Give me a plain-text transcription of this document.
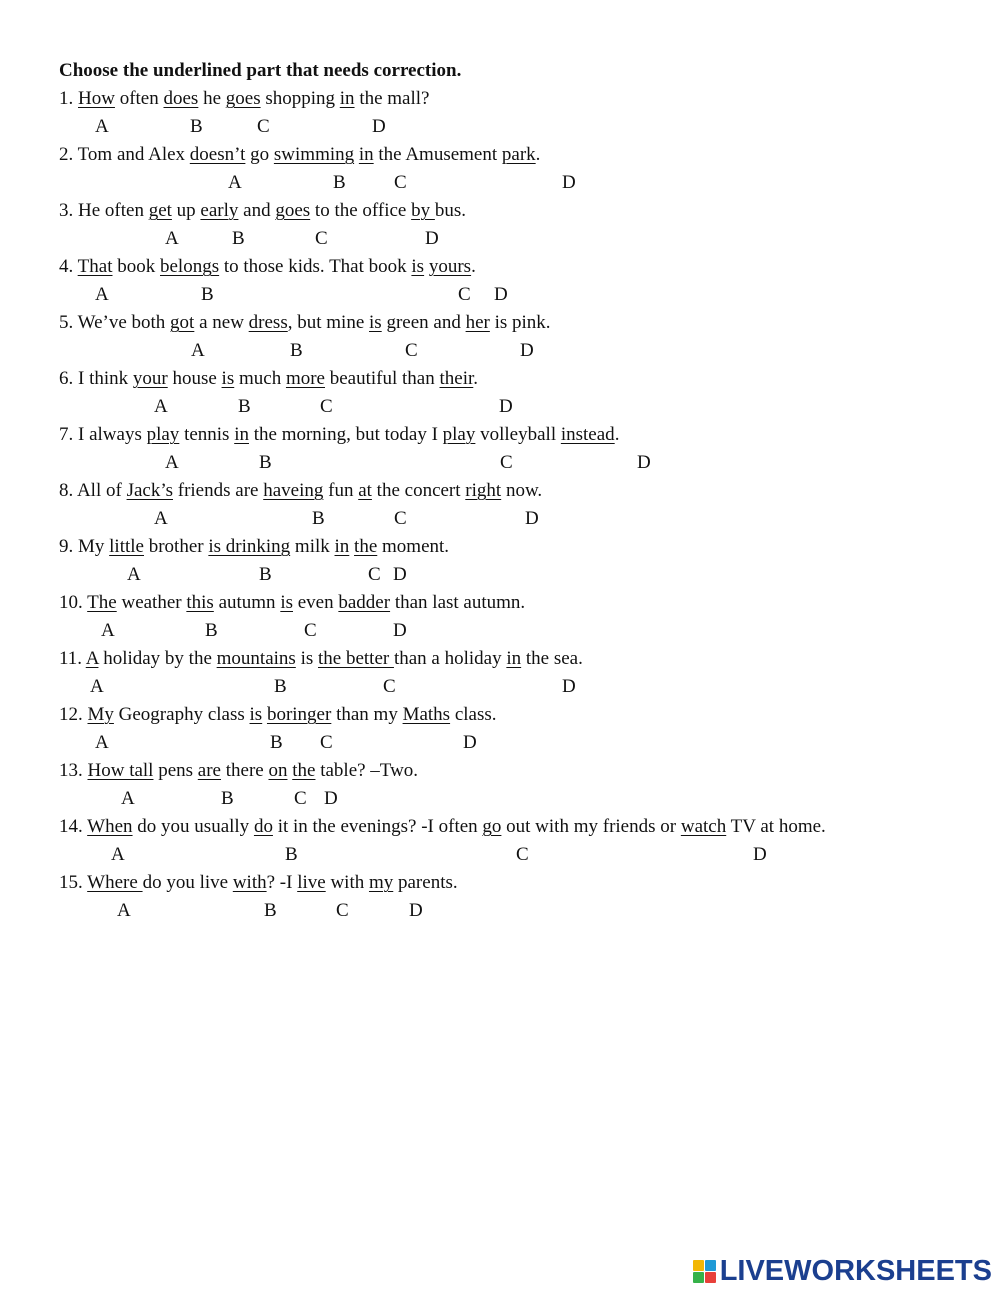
Choose the underlined part that needs correction.

1. How often does he goes shopping in the mall?
A	B	C	D
2. Tom and Alex doesn’t go swimming in the Amusement park.
A	B	C	D
3. He often get up early and goes to the office by bus.
A	B	C	D
4. That book belongs to those kids. That book is yours.
A	B	C D
5. We’ve both got a new dress, but mine is green and her is pink.
A	B	C	D
6. I think your house is much more beautiful than their.
A	B	C	D
7. I always play tennis in the morning, but today I play volleyball instead.
A	B	C	D
8. All of Jack’s friends are haveing fun at the concert right now.
A	B	C	D
9. My little brother is drinking milk in the moment.
A	B	C D
10. The weather this autumn is even badder than last autumn.
A	B	C	D
11. A holiday by the mountains is the better than a holiday in the sea.
A	B	C	D
12. My Geography class is boringer than my Maths class.
A	B C	D
13. How tall pens are there on the table? –Two.
A	B	C D
14. When do you usually do it in the evenings? -I often go out with my friends or watch TV at home.
A	B	C	D
15. Where do you live with? -I live with my parents.
A	B	C	D
LIVEWORKSHEETS
